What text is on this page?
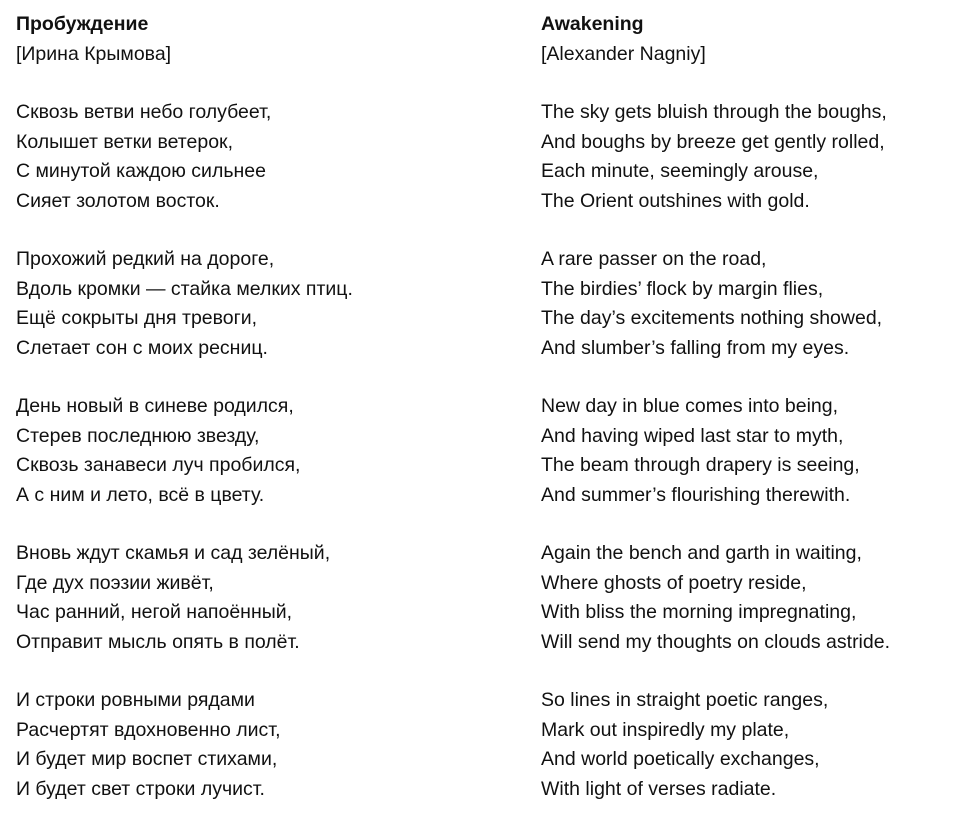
Пробуждение
[Ирина Крымова]
Сквозь ветви небо голубеет,
Колышет ветки ветерок,
С минутой каждою сильнее
Сияет золотом восток.
Прохожий редкий на дороге,
Вдоль кромки — стайка мелких птиц.
Ещё сокрыты дня тревоги,
Слетает сон с моих ресниц.
День новый в синеве родился,
Стерев последнюю звезду,
Сквозь занавеси луч пробился,
А с ним и лето, всё в цвету.
Вновь ждут скамья и сад зелёный,
Где дух поэзии живёт,
Час ранний, негой напоённый,
Отправит мысль опять в полёт.
И строки ровными рядами
Расчертят вдохновенно лист,
И будет мир воспет стихами,
И будет свет строки лучист.
Awakening
[Alexander Nagniy]
The sky gets bluish through the boughs,
And boughs by breeze get gently rolled,
Each minute, seemingly arouse,
The Orient outshines with gold.
A rare passer on the road,
The birdies’ flock by margin flies,
The day’s excitements nothing showed,
And slumber’s falling from my eyes.
New day in blue comes into being,
And having wiped last star to myth,
The beam through drapery is seeing,
And summer’s flourishing therewith.
Again the bench and garth in waiting,
Where ghosts of poetry reside,
With bliss the morning impregnating,
Will send my thoughts on clouds astride.
So lines in straight poetic ranges,
Mark out inspiredly my plate,
And world poetically exchanges,
With light of verses radiate.
